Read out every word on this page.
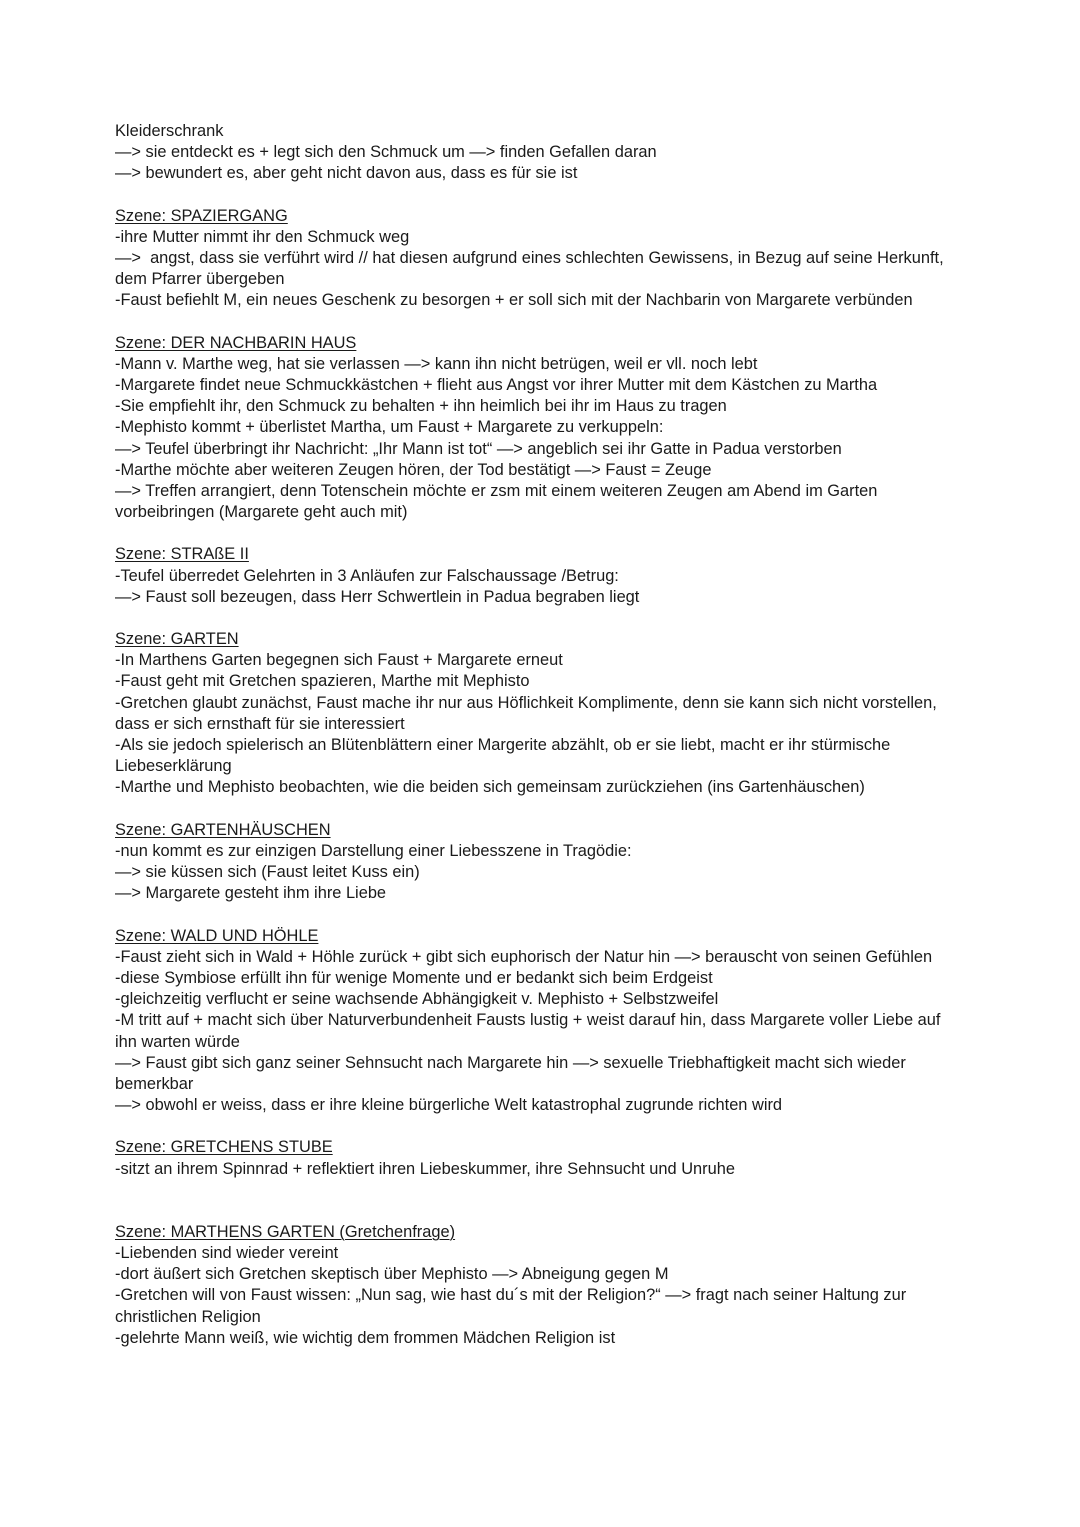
Kleiderschrank
—> sie entdeckt es + legt sich den Schmuck um —> finden Gefallen daran
—> bewundert es, aber geht nicht davon aus, dass es für sie ist
Szene: SPAZIERGANG
-ihre Mutter nimmt ihr den Schmuck weg
—>  angst, dass sie verführt wird // hat diesen aufgrund eines schlechten Gewissens, in Bezug auf seine Herkunft, dem Pfarrer übergeben
-Faust befiehlt M, ein neues Geschenk zu besorgen + er soll sich mit der Nachbarin von Margarete verbünden
Szene: DER NACHBARIN HAUS
-Mann v. Marthe weg, hat sie verlassen —> kann ihn nicht betrügen, weil er vll. noch lebt
-Margarete findet neue Schmuckkästchen + flieht aus Angst vor ihrer Mutter mit dem Kästchen zu Martha
-Sie empfiehlt ihr, den Schmuck zu behalten + ihn heimlich bei ihr im Haus zu tragen
-Mephisto kommt + überlistet Martha, um Faust + Margarete zu verkuppeln:
—> Teufel überbringt ihr Nachricht: „Ihr Mann ist tot“ —> angeblich sei ihr Gatte in Padua verstorben
-Marthe möchte aber weiteren Zeugen hören, der Tod bestätigt —> Faust = Zeuge
—> Treffen arrangiert, denn Totenschein möchte er zsm mit einem weiteren Zeugen am Abend im Garten vorbeibringen (Margarete geht auch mit)
Szene: STRAßE II
-Teufel überredet Gelehrten in 3 Anläufen zur Falschaussage /Betrug:
—> Faust soll bezeugen, dass Herr Schwertlein in Padua begraben liegt
Szene: GARTEN
-In Marthens Garten begegnen sich Faust + Margarete erneut
-Faust geht mit Gretchen spazieren, Marthe mit Mephisto
-Gretchen glaubt zunächst, Faust mache ihr nur aus Höflichkeit Komplimente, denn sie kann sich nicht vorstellen, dass er sich ernsthaft für sie interessiert
-Als sie jedoch spielerisch an Blütenblättern einer Margerite abzählt, ob er sie liebt, macht er ihr stürmische Liebeserklärung
-Marthe und Mephisto beobachten, wie die beiden sich gemeinsam zurückziehen (ins Gartenhäuschen)
Szene: GARTENHÄUSCHEN
-nun kommt es zur einzigen Darstellung einer Liebesszene in Tragödie:
—> sie küssen sich (Faust leitet Kuss ein)
—> Margarete gesteht ihm ihre Liebe
Szene: WALD UND HÖHLE
-Faust zieht sich in Wald + Höhle zurück + gibt sich euphorisch der Natur hin —> berauscht von seinen Gefühlen
-diese Symbiose erfüllt ihn für wenige Momente und er bedankt sich beim Erdgeist
-gleichzeitig verflucht er seine wachsende Abhängigkeit v. Mephisto + Selbstzweifel
-M tritt auf + macht sich über Naturverbundenheit Fausts lustig + weist darauf hin, dass Margarete voller Liebe auf ihn warten würde
—> Faust gibt sich ganz seiner Sehnsucht nach Margarete hin —> sexuelle Triebhaftigkeit macht sich wieder bemerkbar
—> obwohl er weiss, dass er ihre kleine bürgerliche Welt katastrophal zugrunde richten wird
Szene: GRETCHENS STUBE
-sitzt an ihrem Spinnrad + reflektiert ihren Liebeskummer, ihre Sehnsucht und Unruhe
Szene: MARTHENS GARTEN (Gretchenfrage)
-Liebenden sind wieder vereint
-dort äußert sich Gretchen skeptisch über Mephisto —> Abneigung gegen M
-Gretchen will von Faust wissen: „Nun sag, wie hast du´s mit der Religion?“ —> fragt nach seiner Haltung zur christlichen Religion
-gelehrte Mann weiß, wie wichtig dem frommen Mädchen Religion ist
